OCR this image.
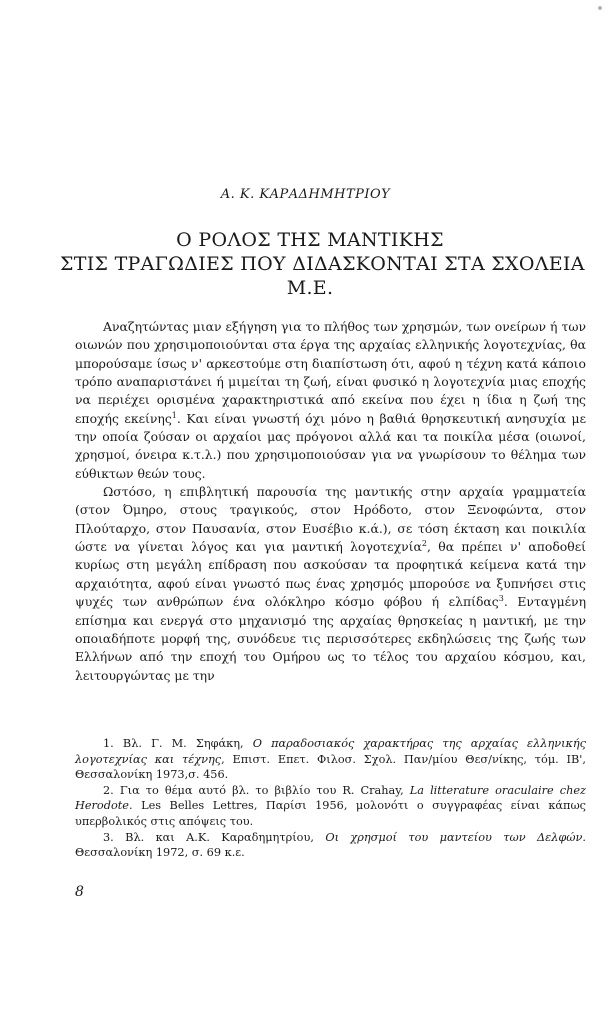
Α. Κ. ΚΑΡΑΔΗΜΗΤΡΙΟΥ
Ο ΡΟΛΟΣ ΤΗΣ ΜΑΝΤΙΚΗΣ
ΣΤΙΣ ΤΡΑΓΩΔΙΕΣ ΠΟΥ ΔΙΔΑΣΚΟΝΤΑΙ ΣΤΑ ΣΧΟΛΕΙΑ
Μ.Ε.

Αναζητώντας μιαν εξήγηση για το πλήθος των χρησμών, των ονείρων ή των οιωνών που χρησιμοποιούνται στα έργα της αρχαίας ελληνικής λογοτεχνίας, θα μπορούσαμε ίσως ν' αρκεστούμε στη διαπίστωση ότι, αφού η τέχνη κατά κάποιο τρόπο αναπαριστάνει ή μιμείται τη ζωή, είναι φυσικό η λογοτεχνία μιας εποχής να περιέχει ορισμένα χαρακτηριστικά από εκείνα που έχει η ίδια η ζωή της εποχής εκείνης$^1$. Και είναι γνωστή όχι μόνο η βαθιά θρησκευτική ανησυχία με την οποία ζούσαν οι αρχαίοι μας πρόγονοι αλλά και τα ποικίλα μέσα (οιωνοί, χρησμοί, όνειρα κ.τ.λ.) που χρησιμοποιούσαν για να γνωρίσουν το θέλημα των εύθικτων θεών τους.

Ωστόσο, η επιβλητική παρουσία της μαντικής στην αρχαία γραμματεία (στον Όμηρο, στους τραγικούς, στον Ηρόδοτο, στον Ξενοφώντα, στον Πλούταρχο, στον Παυσανία, στον Ευσέβιο κ.ά.), σε τόση έκταση και ποικιλία ώστε να γίνεται λόγος και για μαντική λογοτεχνία$^2$, θα πρέπει ν' αποδοθεί κυρίως στη μεγάλη επίδραση που ασκούσαν τα προφητικά κείμενα κατά την αρχαιότητα, αφού είναι γνωστό πως ένας χρησμός μπορούσε να ξυπνήσει στις ψυχές των ανθρώπων ένα ολόκληρο κόσμο φόβου ή ελπίδας$^3$. Ενταγμένη επίσημα και ενεργά στο μηχανισμό της αρχαίας θρησκείας η μαντική, με την οποιαδήποτε μορφή της, συνόδευε τις περισσότερες εκδηλώσεις της ζωής των Ελλήνων από την εποχή του Ομήρου ως το τέλος του αρχαίου κόσμου, και, λειτουργώντας με την

1. Βλ. Γ. Μ. Σηφάκη, Ο παραδοσιακός χαρακτήρας της αρχαίας ελληνικής λογοτεχνίας και τέχνης, Επιστ. Επετ. Φιλοσ. Σχολ. Παν/μίου Θεσ/νίκης, τόμ. ΙΒ', Θεσσαλονίκη 1973,σ. 456.

2. Για το θέμα αυτό βλ. το βιβλίο του R. Crahay, La litterature oraculaire chez Herodote. Les Belles Lettres, Παρίσι 1956, μολονότι ο συγγραφέας είναι κάπως υπερβολικός στις απόψεις του.

3. Βλ. και Α.Κ. Καραδημητρίου, Οι χρησμοί του μαντείου των Δελφών. Θεσσαλονίκη 1972, σ. 69 κ.ε.

8
